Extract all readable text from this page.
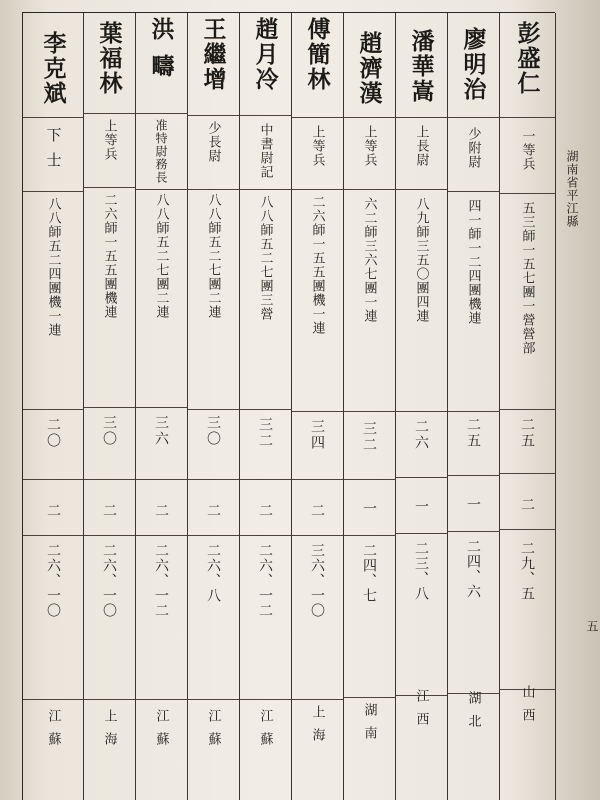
湖南省平江縣
五
彭盛仁
一等兵
五三師一五七團一營營部
二五
二
二九、五
山西
廖明治
少附尉
四一師一二四團機連
二五
一
二四、六
湖北
潘華嵩
上長尉
八九師三五〇團四連
二六
一
二三、八
江西
趙濟漢
上等兵
六二師三六七團一連
三二
一
二四、七
湖南
傅簡林
上等兵
二六師一五五團機一連
三四
二
三六、一〇
上海
趙月冷
中書尉記
八八師五二七團三營
三二
二
二六、一二
江蘇
王繼增
少長尉
八八師五二七團二連
三〇
二
二六、八
江蘇
洪疇
准特尉務長
八八師五二七團二連
三六
二
二六、一二
江蘇
葉福林
上等兵
二六師一五五團機連
三〇
二
二六、一〇
上海
李克斌
下士
八八師五二四團機一連
二〇
二
二六、一〇
江蘇
